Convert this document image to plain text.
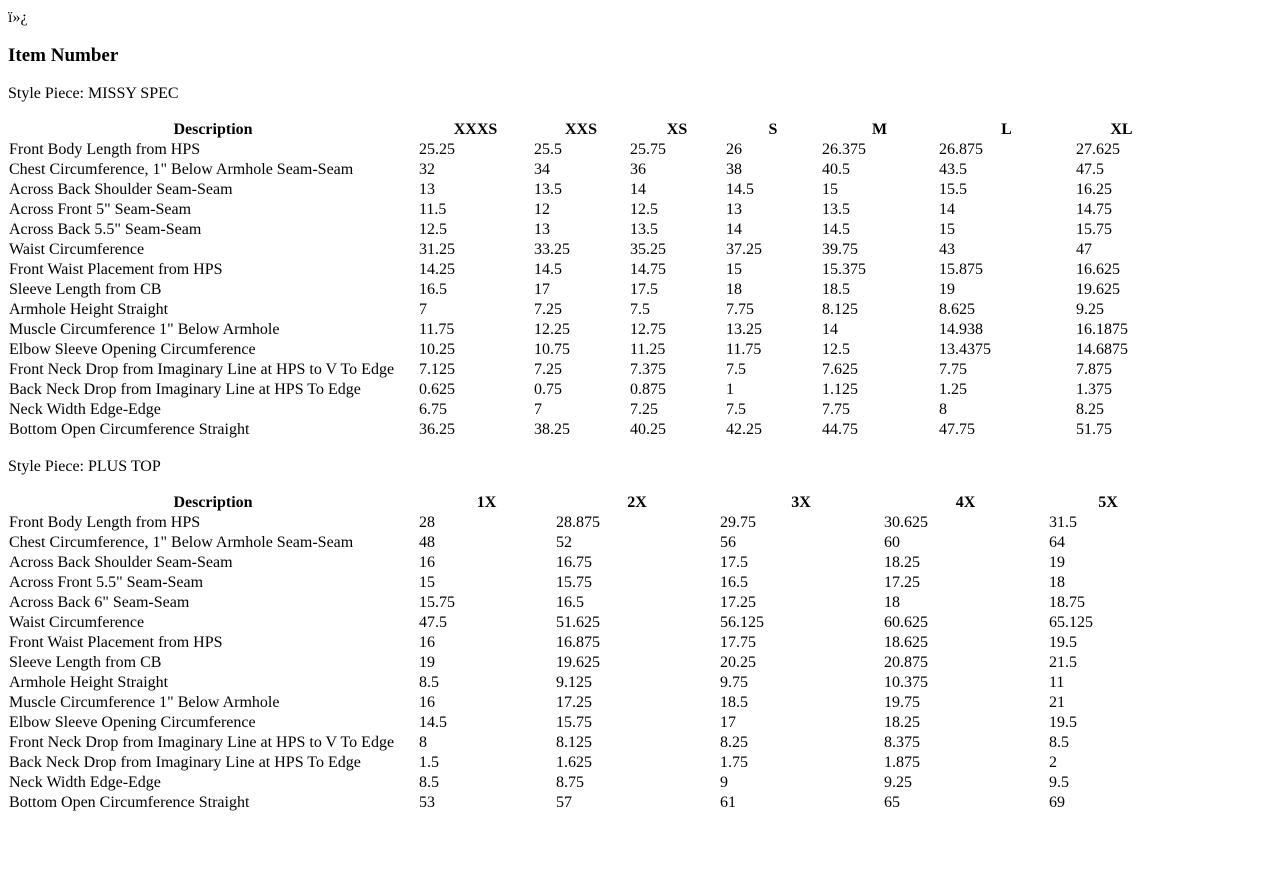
ï»¿
Item Number

Style Piece: MISSY SPEC

Description	XXXS	XXS	XS	S	M	L	XL
Front Body Length from HPS	25.25	25.5	25.75	26	26.375	26.875	27.625
Chest Circumference, 1" Below Armhole Seam-Seam	32	34	36	38	40.5	43.5	47.5
Across Back Shoulder Seam-Seam	13	13.5	14	14.5	15	15.5	16.25
Across Front 5" Seam-Seam	11.5	12	12.5	13	13.5	14	14.75
Across Back 5.5" Seam-Seam	12.5	13	13.5	14	14.5	15	15.75
Waist Circumference	31.25	33.25	35.25	37.25	39.75	43	47
Front Waist Placement from HPS	14.25	14.5	14.75	15	15.375	15.875	16.625
Sleeve Length from CB	16.5	17	17.5	18	18.5	19	19.625
Armhole Height Straight	7	7.25	7.5	7.75	8.125	8.625	9.25
Muscle Circumference 1" Below Armhole	11.75	12.25	12.75	13.25	14	14.938	16.1875
Elbow Sleeve Opening Circumference	10.25	10.75	11.25	11.75	12.5	13.4375	14.6875
Front Neck Drop from Imaginary Line at HPS to V To Edge	7.125	7.25	7.375	7.5	7.625	7.75	7.875
Back Neck Drop from Imaginary Line at HPS To Edge	0.625	0.75	0.875	1	1.125	1.25	1.375
Neck Width Edge-Edge	6.75	7	7.25	7.5	7.75	8	8.25
Bottom Open Circumference Straight	36.25	38.25	40.25	42.25	44.75	47.75	51.75

Style Piece: PLUS TOP

Description	1X	2X	3X	4X	5X
Front Body Length from HPS	28	28.875	29.75	30.625	31.5
Chest Circumference, 1" Below Armhole Seam-Seam	48	52	56	60	64
Across Back Shoulder Seam-Seam	16	16.75	17.5	18.25	19
Across Front 5.5" Seam-Seam	15	15.75	16.5	17.25	18
Across Back 6" Seam-Seam	15.75	16.5	17.25	18	18.75
Waist Circumference	47.5	51.625	56.125	60.625	65.125
Front Waist Placement from HPS	16	16.875	17.75	18.625	19.5
Sleeve Length from CB	19	19.625	20.25	20.875	21.5
Armhole Height Straight	8.5	9.125	9.75	10.375	11
Muscle Circumference 1" Below Armhole	16	17.25	18.5	19.75	21
Elbow Sleeve Opening Circumference	14.5	15.75	17	18.25	19.5
Front Neck Drop from Imaginary Line at HPS to V To Edge	8	8.125	8.25	8.375	8.5
Back Neck Drop from Imaginary Line at HPS To Edge	1.5	1.625	1.75	1.875	2
Neck Width Edge-Edge	8.5	8.75	9	9.25	9.5
Bottom Open Circumference Straight	53	57	61	65	69
